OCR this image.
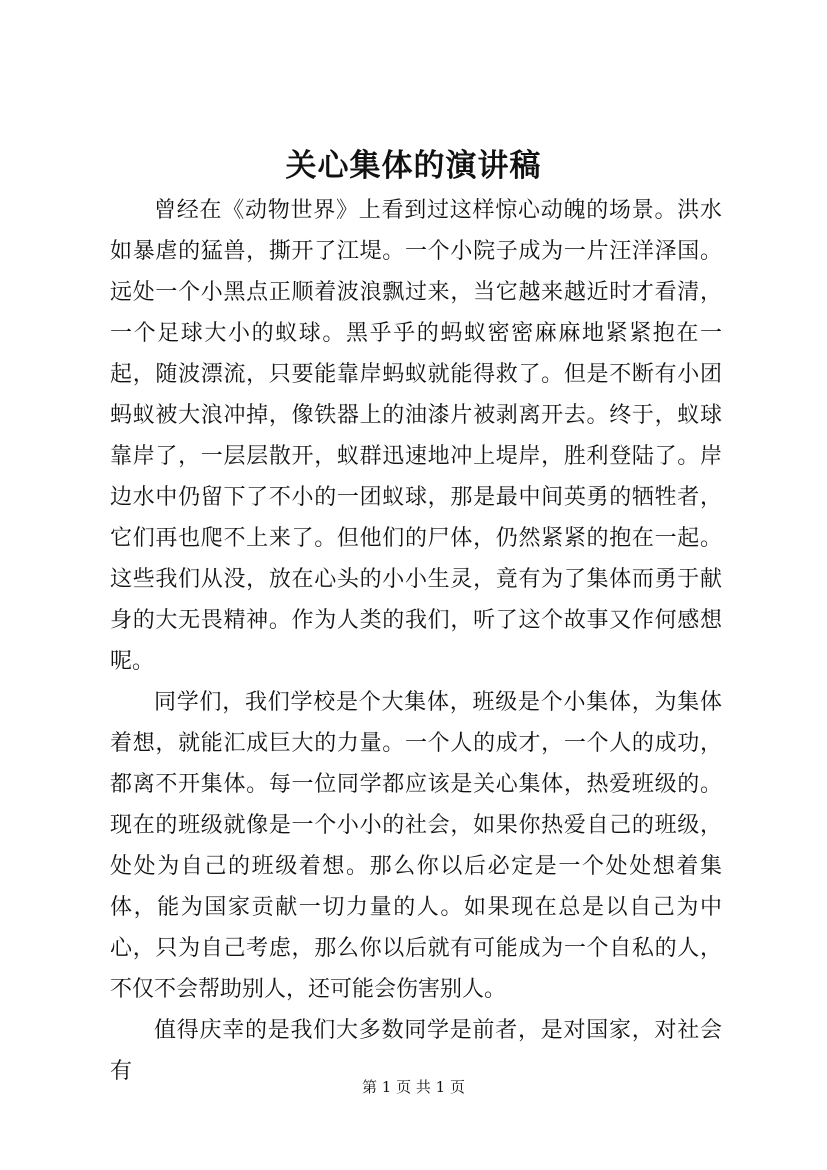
关心集体的演讲稿

曾经在《动物世界》上看到过这样惊心动魄的场景。洪水如暴虐的猛兽，撕开了江堤。一个小院子成为一片汪洋泽国。远处一个小黑点正顺着波浪飘过来，当它越来越近时才看清，一个足球大小的蚁球。黑乎乎的蚂蚁密密麻麻地紧紧抱在一起，随波漂流，只要能靠岸蚂蚁就能得救了。但是不断有小团蚂蚁被大浪冲掉，像铁器上的油漆片被剥离开去。终于，蚁球靠岸了，一层层散开，蚁群迅速地冲上堤岸，胜利登陆了。岸边水中仍留下了不小的一团蚁球，那是最中间英勇的牺牲者，它们再也爬不上来了。但他们的尸体，仍然紧紧的抱在一起。这些我们从没，放在心头的小小生灵，竟有为了集体而勇于献身的大无畏精神。作为人类的我们，听了这个故事又作何感想呢。

同学们，我们学校是个大集体，班级是个小集体，为集体着想，就能汇成巨大的力量。一个人的成才，一个人的成功，都离不开集体。每一位同学都应该是关心集体，热爱班级的。现在的班级就像是一个小小的社会，如果你热爱自己的班级，处处为自己的班级着想。那么你以后必定是一个处处想着集体，能为国家贡献一切力量的人。如果现在总是以自己为中心，只为自己考虑，那么你以后就有可能成为一个自私的人，不仅不会帮助别人，还可能会伤害别人。

值得庆幸的是我们大多数同学是前者，是对国家，对社会有

第 1 页 共 1 页
